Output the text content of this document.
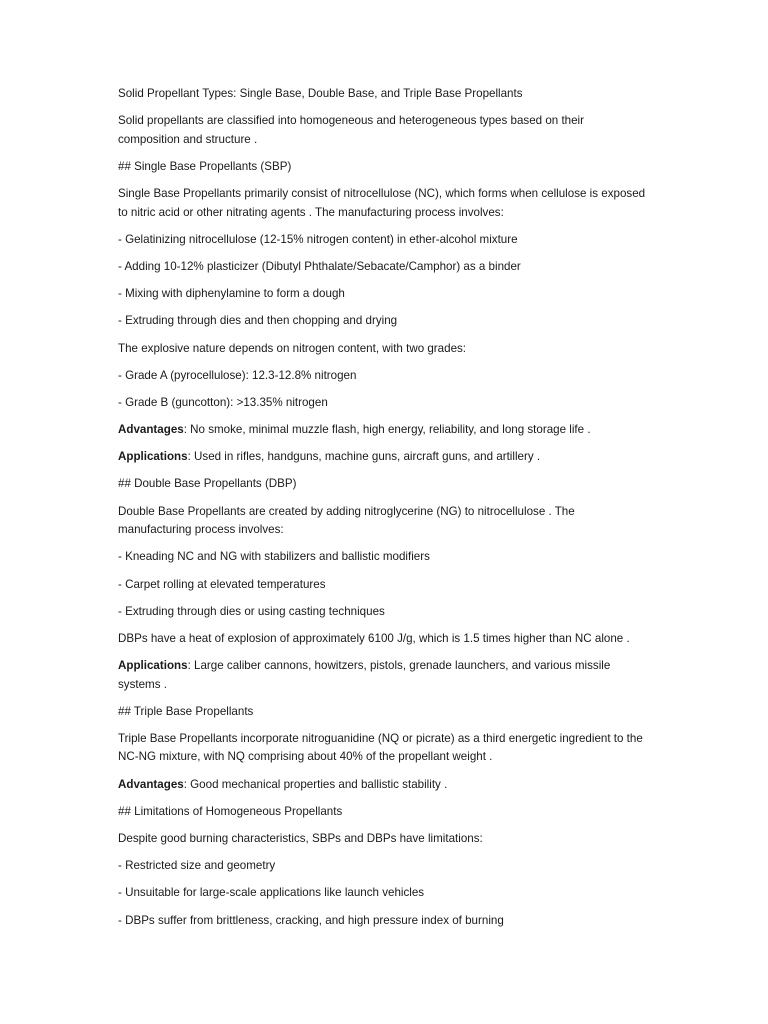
Solid Propellant Types: Single Base, Double Base, and Triple Base Propellants

Solid propellants are classified into homogeneous and heterogeneous types based on their composition and structure .

## Single Base Propellants (SBP)

Single Base Propellants primarily consist of nitrocellulose (NC), which forms when cellulose is exposed to nitric acid or other nitrating agents . The manufacturing process involves:

- Gelatinizing nitrocellulose (12-15% nitrogen content) in ether-alcohol mixture

- Adding 10-12% plasticizer (Dibutyl Phthalate/Sebacate/Camphor) as a binder

- Mixing with diphenylamine to form a dough

- Extruding through dies and then chopping and drying

The explosive nature depends on nitrogen content, with two grades:

- Grade A (pyrocellulose): 12.3-12.8% nitrogen

- Grade B (guncotton): >13.35% nitrogen

Advantages: No smoke, minimal muzzle flash, high energy, reliability, and long storage life .

Applications: Used in rifles, handguns, machine guns, aircraft guns, and artillery .

## Double Base Propellants (DBP)

Double Base Propellants are created by adding nitroglycerine (NG) to nitrocellulose . The manufacturing process involves:

- Kneading NC and NG with stabilizers and ballistic modifiers

- Carpet rolling at elevated temperatures

- Extruding through dies or using casting techniques

DBPs have a heat of explosion of approximately 6100 J/g, which is 1.5 times higher than NC alone .

Applications: Large caliber cannons, howitzers, pistols, grenade launchers, and various missile systems .

## Triple Base Propellants

Triple Base Propellants incorporate nitroguanidine (NQ or picrate) as a third energetic ingredient to the NC-NG mixture, with NQ comprising about 40% of the propellant weight .

Advantages: Good mechanical properties and ballistic stability .

## Limitations of Homogeneous Propellants

Despite good burning characteristics, SBPs and DBPs have limitations:

- Restricted size and geometry

- Unsuitable for large-scale applications like launch vehicles

- DBPs suffer from brittleness, cracking, and high pressure index of burning
